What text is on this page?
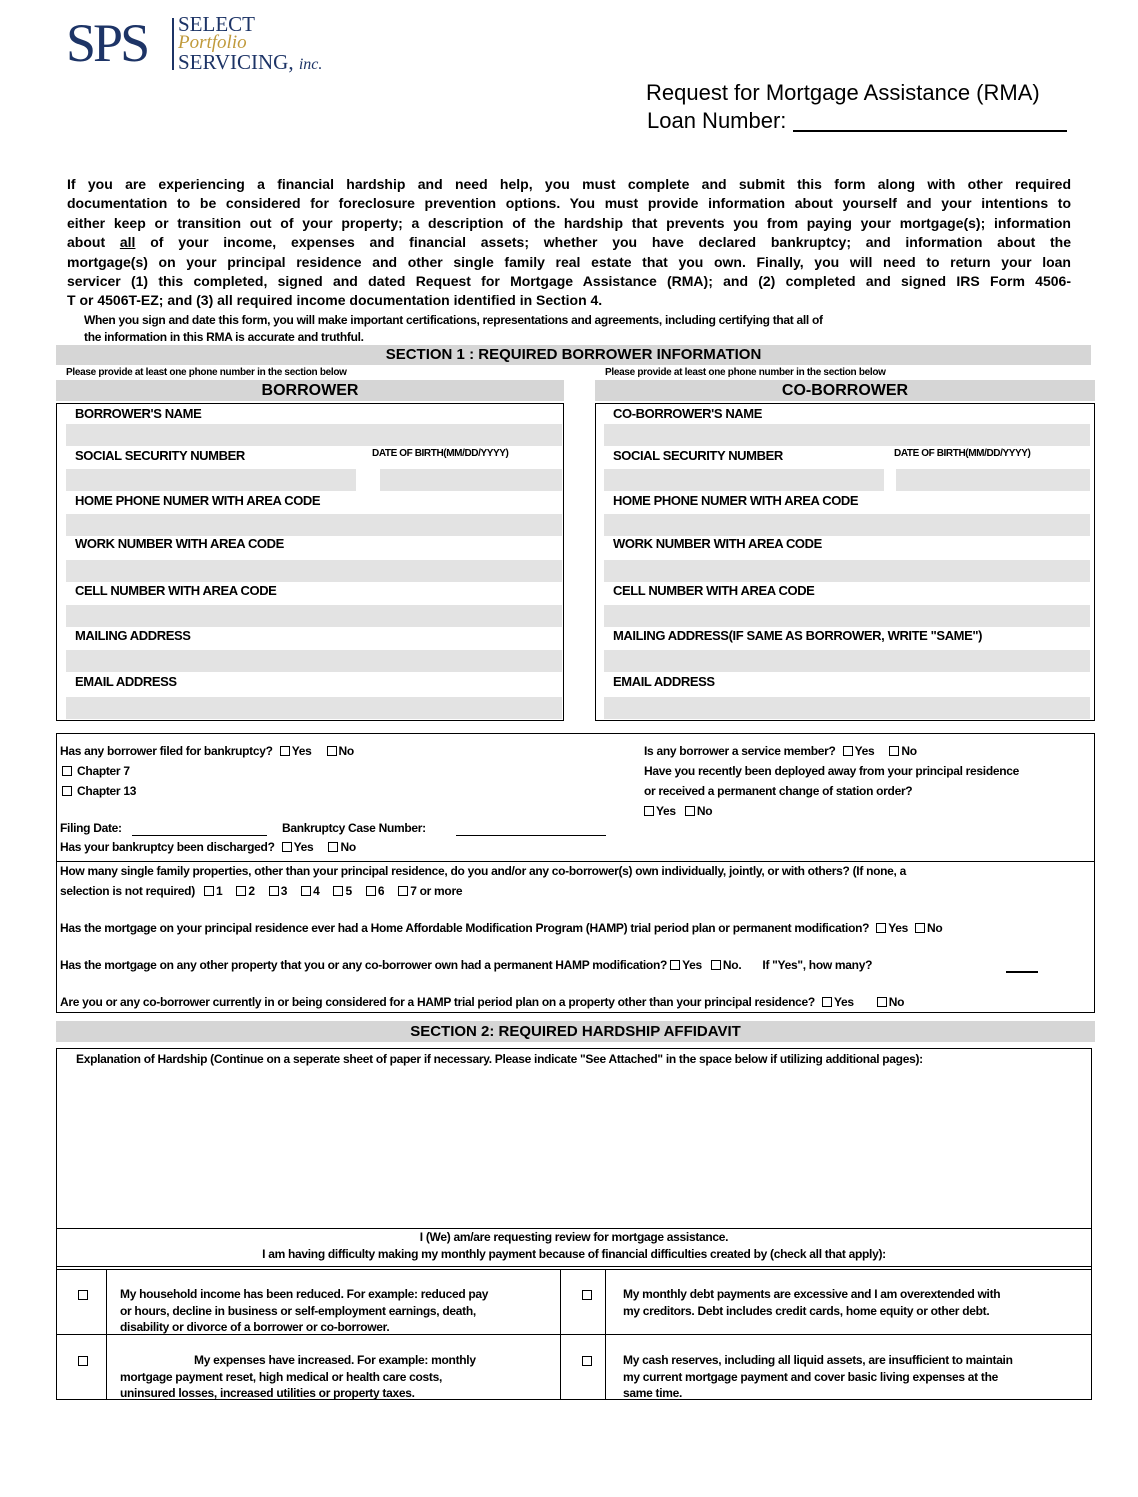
SPS SELECT
Portfolio
SERVICING, inc.
Request for Mortgage Assistance (RMA)
Loan Number:
If you are experiencing a financial hardship and need help, you must complete and submit this form along with other required
documentation to be considered for foreclosure prevention options. You must provide information about yourself and your intentions to
either keep or transition out of your property; a description of the hardship that prevents you from paying your mortgage(s); information
about all of your income, expenses and financial assets; whether you have declared bankruptcy; and information about the
mortgage(s) on your principal residence and other single family real estate that you own. Finally, you will need to return your loan
servicer (1) this completed, signed and dated Request for Mortgage Assistance (RMA); and (2) completed and signed IRS Form 4506-
T or 4506T-EZ; and (3) all required income documentation identified in Section 4.
When you sign and date this form, you will make important certifications, representations and agreements, including certifying that all of
the information in this RMA is accurate and truthful.
SECTION 1 : REQUIRED BORROWER INFORMATION
Please provide at least one phone number in the section below	Please provide at least one phone number in the section below
BORROWER
BORROWER'S NAME
SOCIAL SECURITY NUMBER	DATE OF BIRTH(MM/DD/YYYY)
HOME PHONE NUMER WITH AREA CODE
WORK NUMBER WITH AREA CODE
CELL NUMBER WITH AREA CODE
MAILING ADDRESS
EMAIL ADDRESS
CO-BORROWER
CO-BORROWER'S NAME
SOCIAL SECURITY NUMBER	DATE OF BIRTH(MM/DD/YYYY)
HOME PHONE NUMER WITH AREA CODE
WORK NUMBER WITH AREA CODE
CELL NUMBER WITH AREA CODE
MAILING ADDRESS(IF SAME AS BORROWER, WRITE "SAME")
EMAIL ADDRESS
Has any borrower filed for bankruptcy? Yes No
Chapter 7
Chapter 13
Filing Date:	Bankruptcy Case Number:
Has your bankruptcy been discharged? Yes No
Is any borrower a service member? Yes No
Have you recently been deployed away from your principal residence
or received a permanent change of station order?
Yes No
How many single family properties, other than your principal residence, do you and/or any co-borrower(s) own individually, jointly, or with others? (If none, a
selection is not required) 1 2 3 4 5 6 7 or more
Has the mortgage on your principal residence ever had a Home Affordable Modification Program (HAMP) trial period plan or permanent modification? Yes No
Has the mortgage on any other property that you or any co-borrower own had a permanent HAMP modification? Yes No. If "Yes", how many?
Are you or any co-borrower currently in or being considered for a HAMP trial period plan on a property other than your principal residence? Yes	No
SECTION 2: REQUIRED HARDSHIP AFFIDAVIT
Explanation of Hardship (Continue on a seperate sheet of paper if necessary. Please indicate "See Attached" in the space below if utilizing additional pages):
I (We) am/are requesting review for mortgage assistance.
I am having difficulty making my monthly payment because of financial difficulties created by (check all that apply):
My household income has been reduced. For example: reduced pay
or hours, decline in business or self-employment earnings, death,
disability or divorce of a borrower or co-borrower.
My monthly debt payments are excessive and I am overextended with
my creditors. Debt includes credit cards, home equity or other debt.
My expenses have increased. For example: monthly
mortgage payment reset, high medical or health care costs,
uninsured losses, increased utilities or property taxes.
My cash reserves, including all liquid assets, are insufficient to maintain
my current mortgage payment and cover basic living expenses at the
same time.
